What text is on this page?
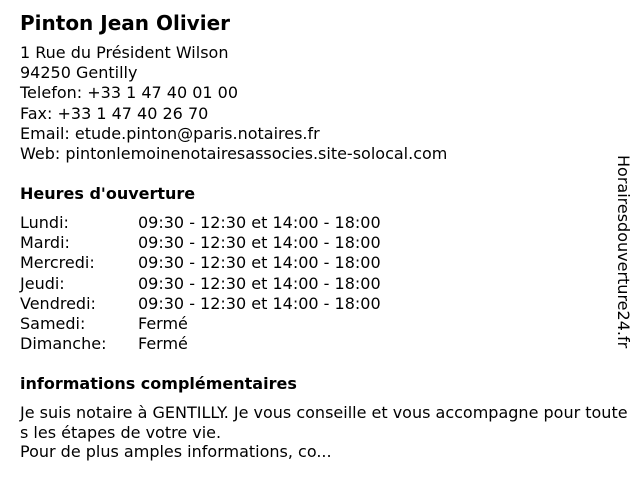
Pinton Jean Olivier
1 Rue du Président Wilson
94250 Gentilly
Telefon: +33 1 47 40 01 00
Fax: +33 1 47 40 26 70
Email: etude.pinton@paris.notaires.fr
Web: pintonlemoinenotairesassocies.site-solocal.com
Heures d'ouverture
Lundi:	09:30 - 12:30 et 14:00 - 18:00
Mardi:	09:30 - 12:30 et 14:00 - 18:00
Mercredi:	09:30 - 12:30 et 14:00 - 18:00
Jeudi:	09:30 - 12:30 et 14:00 - 18:00
Vendredi:	09:30 - 12:30 et 14:00 - 18:00
Samedi:	Fermé
Dimanche: Fermé
informations complémentaires
Je suis notaire à GENTILLY. Je vous conseille et vous accompagne pour toutes les étapes de votre vie.
Pour de plus amples informations, co...
Horairesdouverture24.fr
